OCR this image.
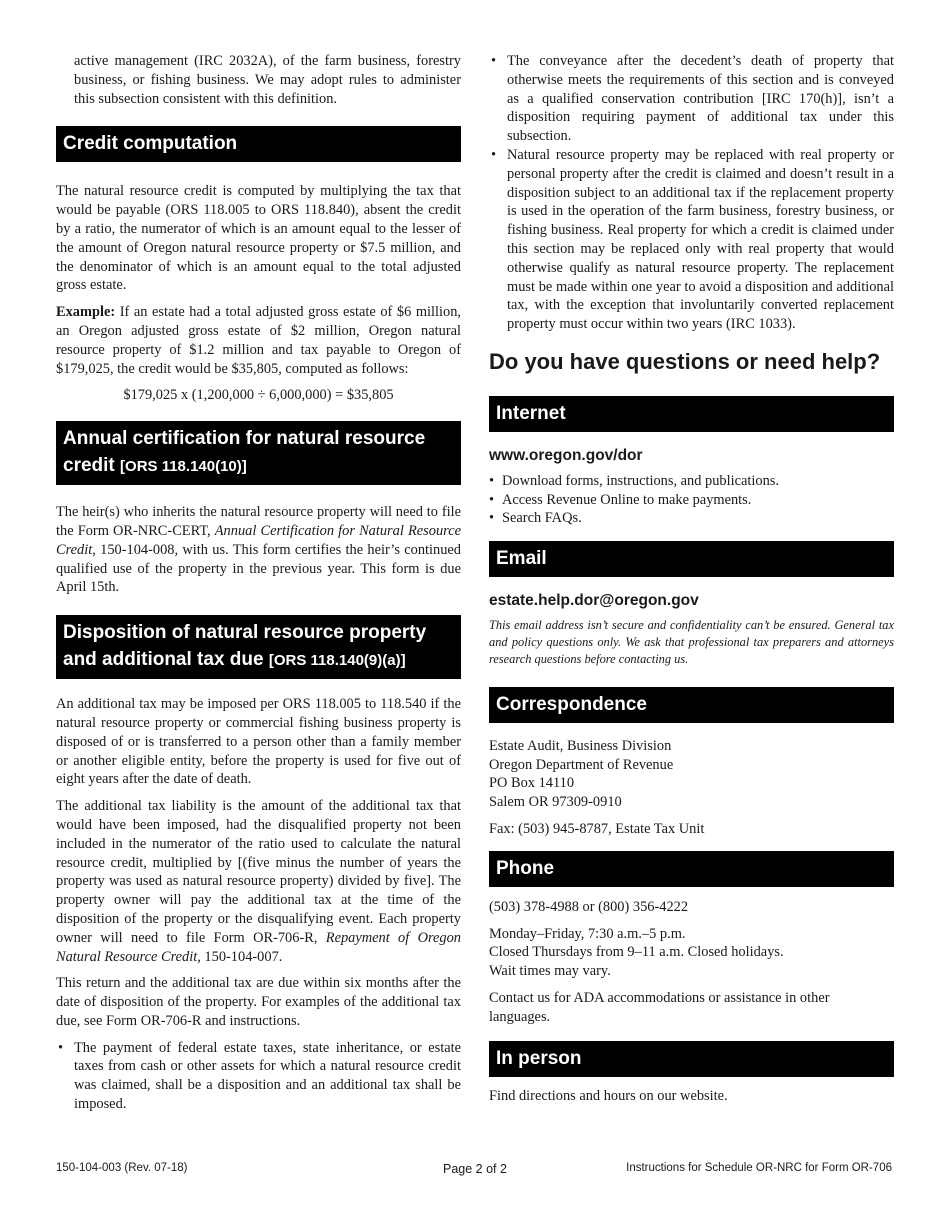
active management (IRC 2032A), of the farm business, forestry business, or fishing business. We may adopt rules to administer this subsection consistent with this definition.

Credit computation

The natural resource credit is computed by multiplying the tax that would be payable (ORS 118.005 to ORS 118.840), absent the credit by a ratio, the numerator of which is an amount equal to the lesser of the amount of Oregon natural resource property or $7.5 million, and the denominator of which is an amount equal to the total adjusted gross estate.

Example: If an estate had a total adjusted gross estate of $6 million, an Oregon adjusted gross estate of $2 million, Oregon natural resource property of $1.2 million and tax payable to Oregon of $179,025, the credit would be $35,805, computed as follows:

$179,025 x (1,200,000 ÷ 6,000,000) = $35,805

Annual certification for natural resource credit [ORS 118.140(10)]

The heir(s) who inherits the natural resource property will need to file the Form OR-NRC-CERT, Annual Certification for Natural Resource Credit, 150-104-008, with us. This form certifies the heir’s continued qualified use of the property in the previous year. This form is due April 15th.

Disposition of natural resource property and additional tax due [ORS 118.140(9)(a)]

An additional tax may be imposed per ORS 118.005 to 118.540 if the natural resource property or commercial fishing business property is disposed of or is transferred to a person other than a family member or another eligible entity, before the property is used for five out of eight years after the date of death.

The additional tax liability is the amount of the additional tax that would have been imposed, had the disqualified property not been included in the numerator of the ratio used to calculate the natural resource credit, multiplied by [(five minus the number of years the property was used as natural resource property) divided by five]. The property owner will pay the additional tax at the time of the disposition of the property or the disqualifying event. Each property owner will need to file Form OR-706-R, Repayment of Oregon Natural Resource Credit, 150-104-007.

This return and the additional tax are due within six months after the date of disposition of the property. For examples of the additional tax due, see Form OR-706-R and instructions.

• The payment of federal estate taxes, state inheritance, or estate taxes from cash or other assets for which a natural resource credit was claimed, shall be a disposition and an additional tax shall be imposed.
• The conveyance after the decedent’s death of property that otherwise meets the requirements of this section and is conveyed as a qualified conservation contribution [IRC 170(h)], isn’t a disposition requiring payment of additional tax under this subsection.
• Natural resource property may be replaced with real property or personal property after the credit is claimed and doesn’t result in a disposition subject to an additional tax if the replacement property is used in the operation of the farm business, forestry business, or fishing business. Real property for which a credit is claimed under this section may be replaced only with real property that would otherwise qualify as natural resource property. The replacement must be made within one year to avoid a disposition and additional tax, with the exception that involuntarily converted replacement property must occur within two years (IRC 1033).
Do you have questions or need help?
Internet
www.oregon.gov/dor
• Download forms, instructions, and publications.
• Access Revenue Online to make payments.
• Search FAQs.
Email
estate.help.dor@oregon.gov

This email address isn’t secure and confidentiality can’t be ensured. General tax and policy questions only. We ask that professional tax preparers and attorneys research questions before contacting us.

Correspondence

Estate Audit, Business Division

Oregon Department of Revenue

PO Box 14110

Salem OR 97309-0910

Fax: (503) 945-8787, Estate Tax Unit

Phone

(503) 378-4988 or (800) 356-4222

Monday–Friday, 7:30 a.m.–5 p.m.

Closed Thursdays from 9–11 a.m. Closed holidays.

Wait times may vary.

Contact us for ADA accommodations or assistance in other languages.

In person

Find directions and hours on our website.

150-104-003 (Rev. 07-18)	Page 2 of 2	Instructions for Schedule OR-NRC for Form OR-706
